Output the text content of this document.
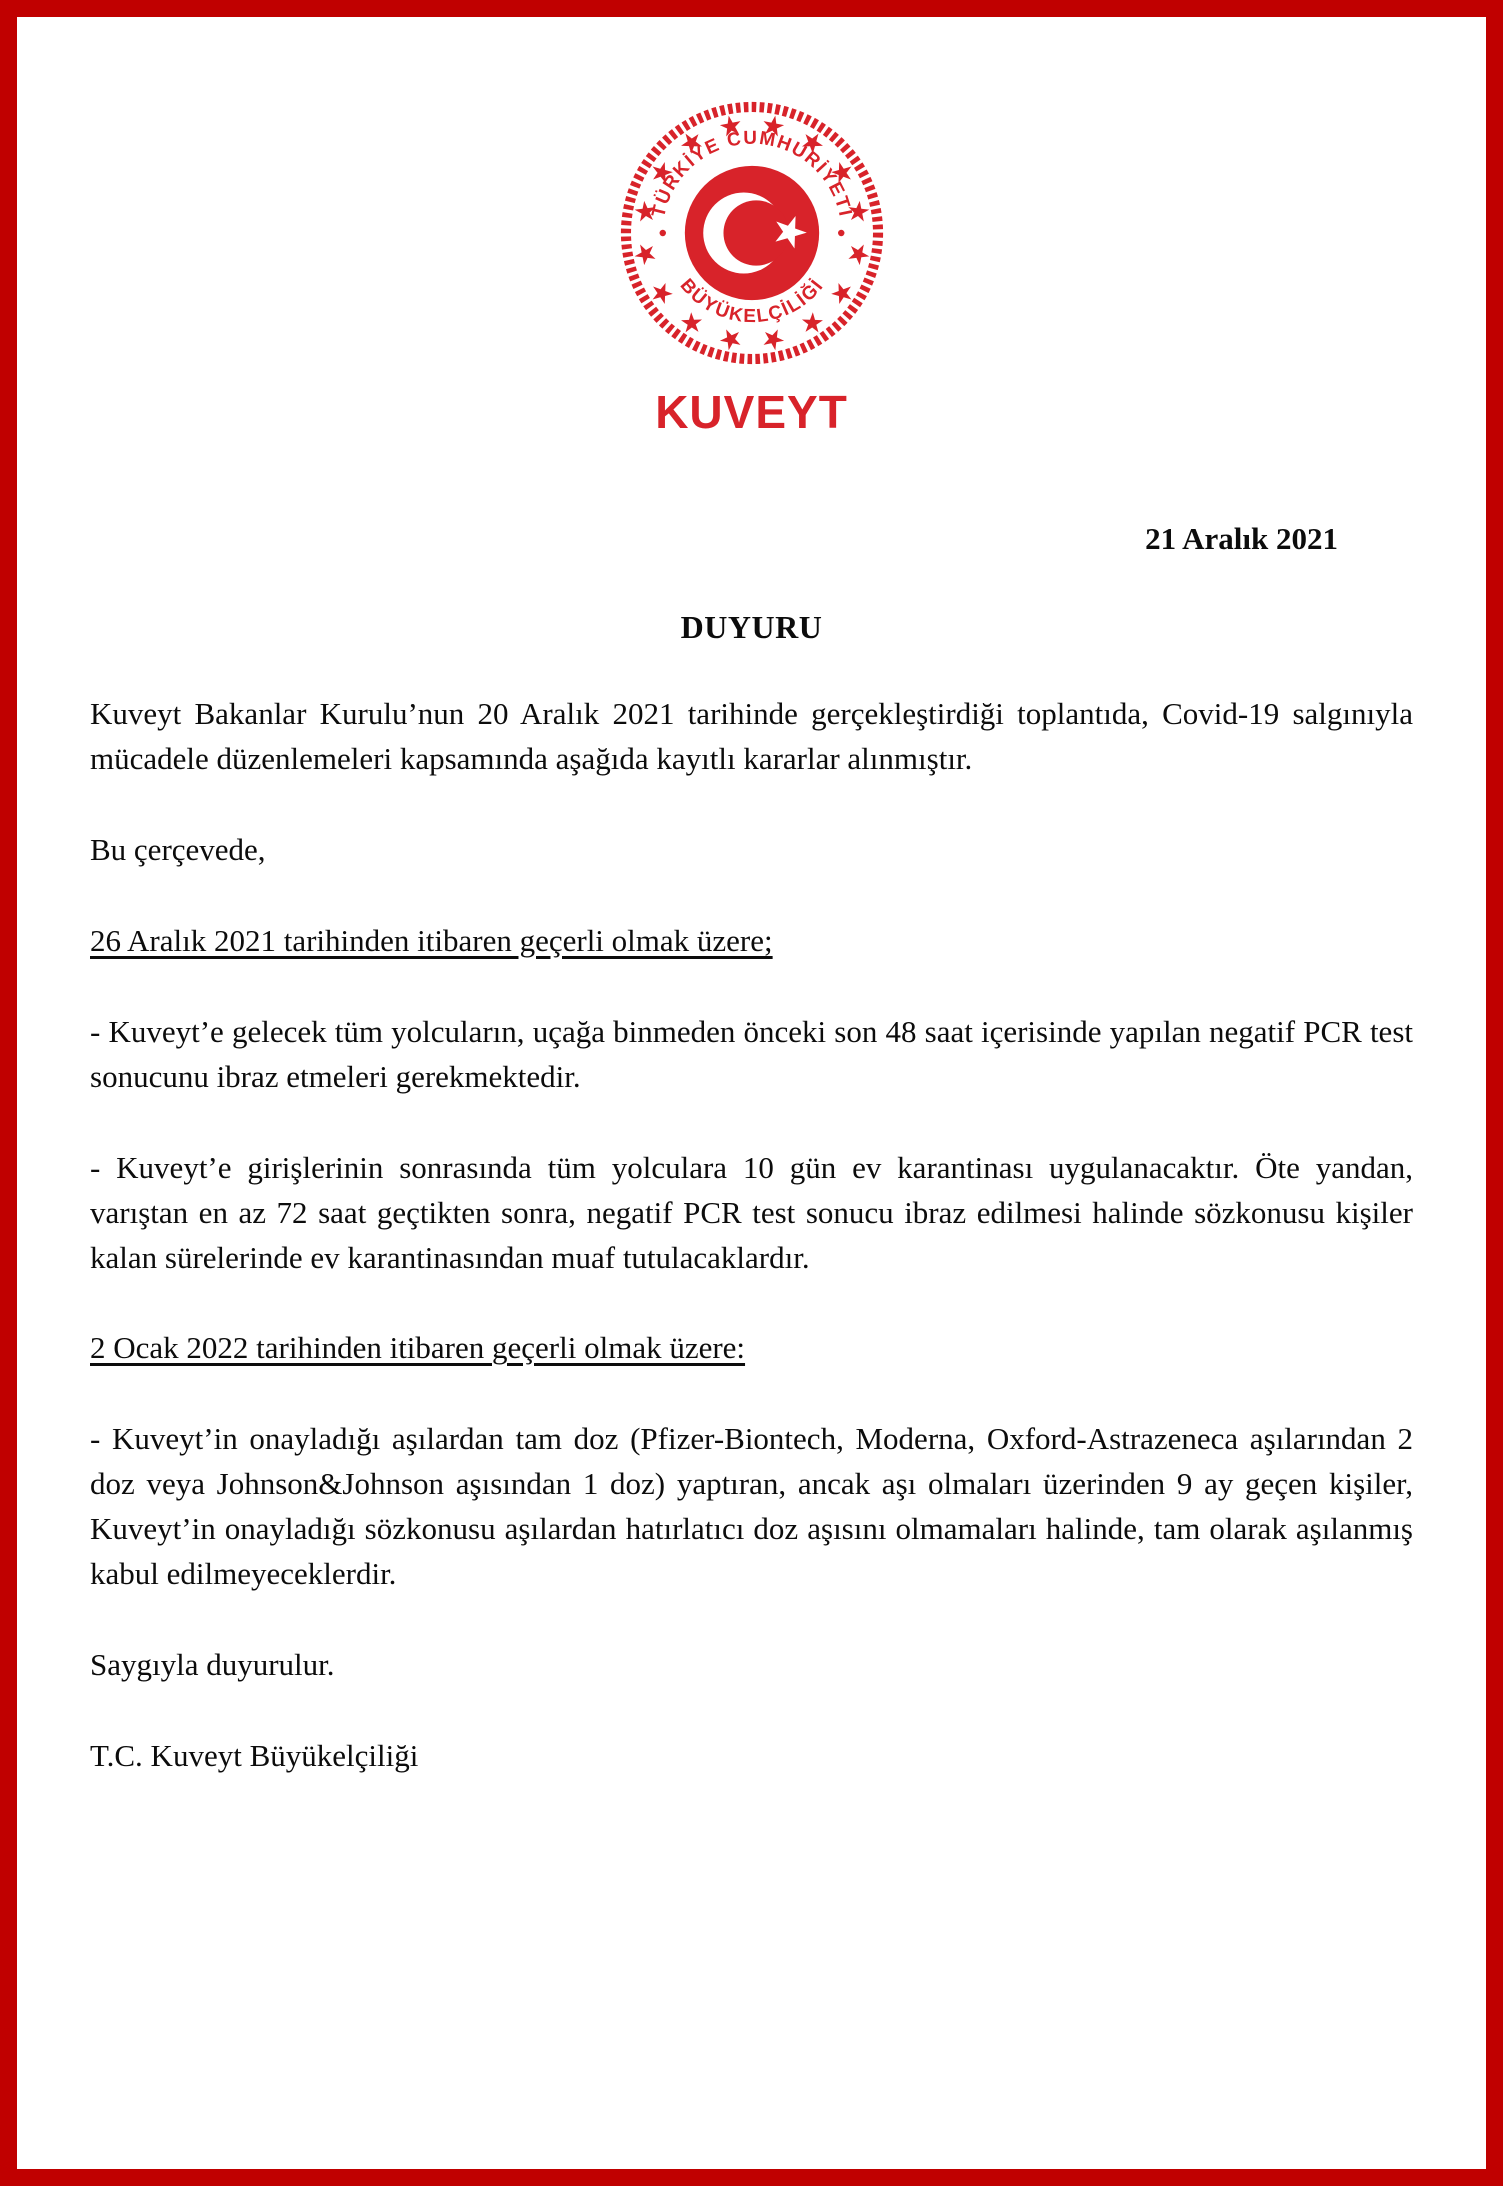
TÜRKİYE CUMHURİYETİ
BÜYÜKELÇİLİĞİ
KUVEYT

21 Aralık 2021

DUYURU

Kuveyt Bakanlar Kurulu’nun 20 Aralık 2021 tarihinde gerçekleştirdiği toplantıda, Covid-19 salgınıyla mücadele düzenlemeleri kapsamında aşağıda kayıtlı kararlar alınmıştır.

Bu çerçevede,

26 Aralık 2021 tarihinden itibaren geçerli olmak üzere;

- Kuveyt’e gelecek tüm yolcuların, uçağa binmeden önceki son 48 saat içerisinde yapılan negatif PCR test sonucunu ibraz etmeleri gerekmektedir.

- Kuveyt’e girişlerinin sonrasında tüm yolculara 10 gün ev karantinası uygulanacaktır. Öte yandan, varıştan en az 72 saat geçtikten sonra, negatif PCR test sonucu ibraz edilmesi halinde sözkonusu kişiler kalan sürelerinde ev karantinasından muaf tutulacaklardır.

2 Ocak 2022 tarihinden itibaren geçerli olmak üzere:

- Kuveyt’in onayladığı aşılardan tam doz (Pfizer-Biontech, Moderna, Oxford-Astrazeneca aşılarından 2 doz veya Johnson&Johnson aşısından 1 doz) yaptıran, ancak aşı olmaları üzerinden 9 ay geçen kişiler, Kuveyt’in onayladığı sözkonusu aşılardan hatırlatıcı doz aşısını olmamaları halinde, tam olarak aşılanmış kabul edilmeyeceklerdir.

Saygıyla duyurulur.

T.C. Kuveyt Büyükelçiliği
